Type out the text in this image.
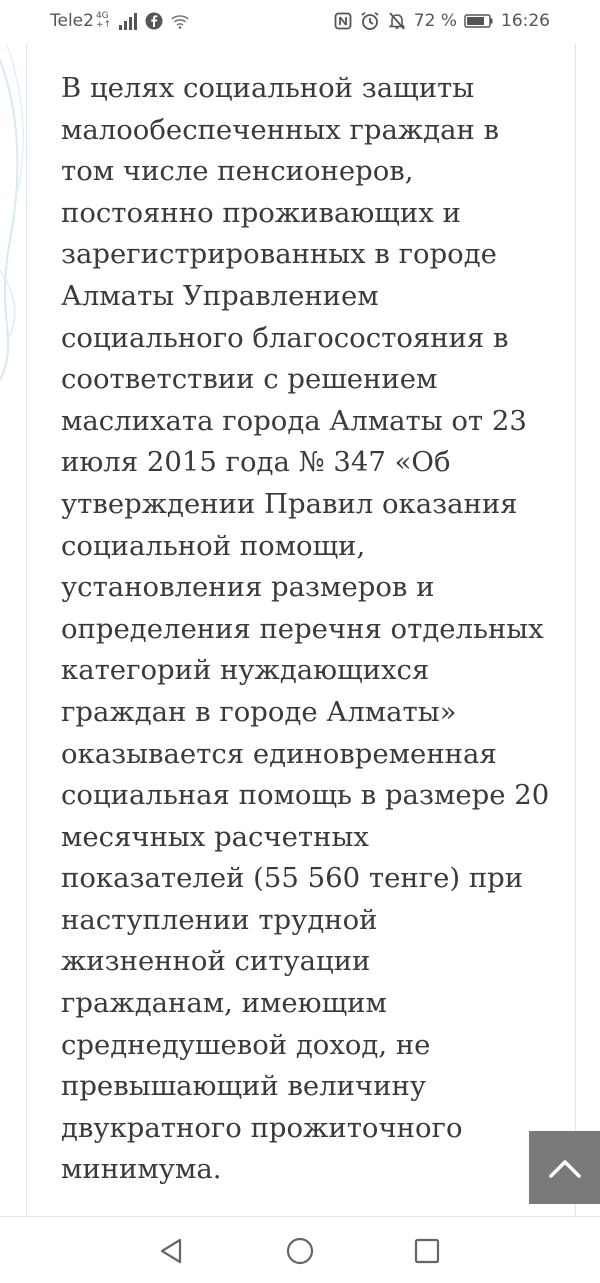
Tele2 4G
+↑	72 %	16:26

В целях социальной защиты
малообеспеченных граждан в
том числе пенсионеров,
постоянно проживающих и
зарегистрированных в городе
Алматы Управлением
социального благосостояния в
соответствии с решением
маслихата города Алматы от 23
июля 2015 года № 347 «Об
утверждении Правил оказания
социальной помощи,
установления размеров и
определения перечня отдельных
категорий нуждающихся
граждан в городе Алматы»
оказывается единовременная
социальная помощь в размере 20
месячных расчетных
показателей (55 560 тенге) при
наступлении трудной
жизненной ситуации
гражданам, имеющим
среднедушевой доход, не
превышающий величину
двукратного прожиточного
минимума.
